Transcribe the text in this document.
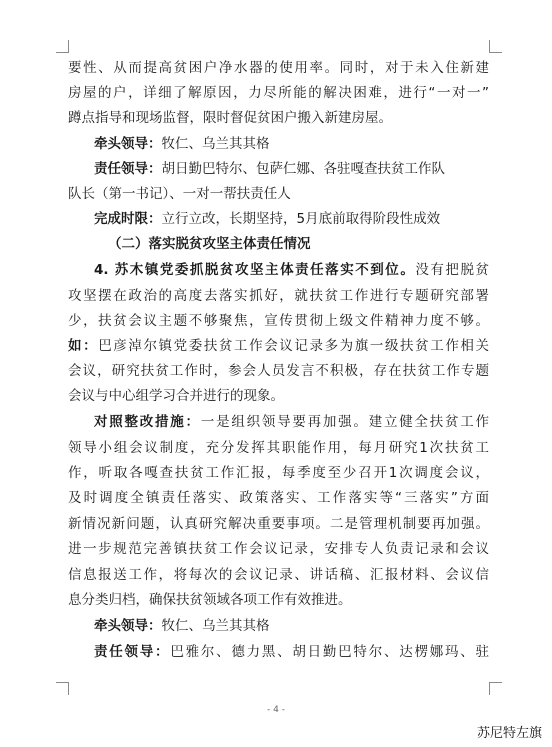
要性、从而提高贫困户净水器的使用率。同时，对于未入住新建
房屋的户，详细了解原因，力尽所能的解决困难，进行“一对一”
蹲点指导和现场监督，限时督促贫困户搬入新建房屋。
牵头领导：牧仁、乌兰其其格
责任领导：胡日勤巴特尔、包萨仁娜、各驻嘎查扶贫工作队
队长（第一书记）、一对一帮扶责任人
完成时限：立行立改，长期坚持，5月底前取得阶段性成效
（二）落实脱贫攻坚主体责任情况
4. 苏木镇党委抓脱贫攻坚主体责任落实不到位。没有把脱贫
攻坚摆在政治的高度去落实抓好，就扶贫工作进行专题研究部署
少，扶贫会议主题不够聚焦，宣传贯彻上级文件精神力度不够。
如：巴彦淖尔镇党委扶贫工作会议记录多为旗一级扶贫工作相关
会议，研究扶贫工作时，参会人员发言不积极，存在扶贫工作专题
会议与中心组学习合并进行的现象。
对照整改措施：一是组织领导要再加强。建立健全扶贫工作
领导小组会议制度，充分发挥其职能作用，每月研究1次扶贫工
作，听取各嘎查扶贫工作汇报，每季度至少召开1次调度会议，
及时调度全镇责任落实、政策落实、工作落实等“三落实”方面
新情况新问题，认真研究解决重要事项。二是管理机制要再加强。
进一步规范完善镇扶贫工作会议记录，安排专人负责记录和会议
信息报送工作，将每次的会议记录、讲话稿、汇报材料、会议信
息分类归档，确保扶贫领域各项工作有效推进。
牵头领导：牧仁、乌兰其其格
责任领导：巴雅尔、德力黑、胡日勤巴特尔、达楞娜玛、驻
- 4 -
苏尼特左旗
